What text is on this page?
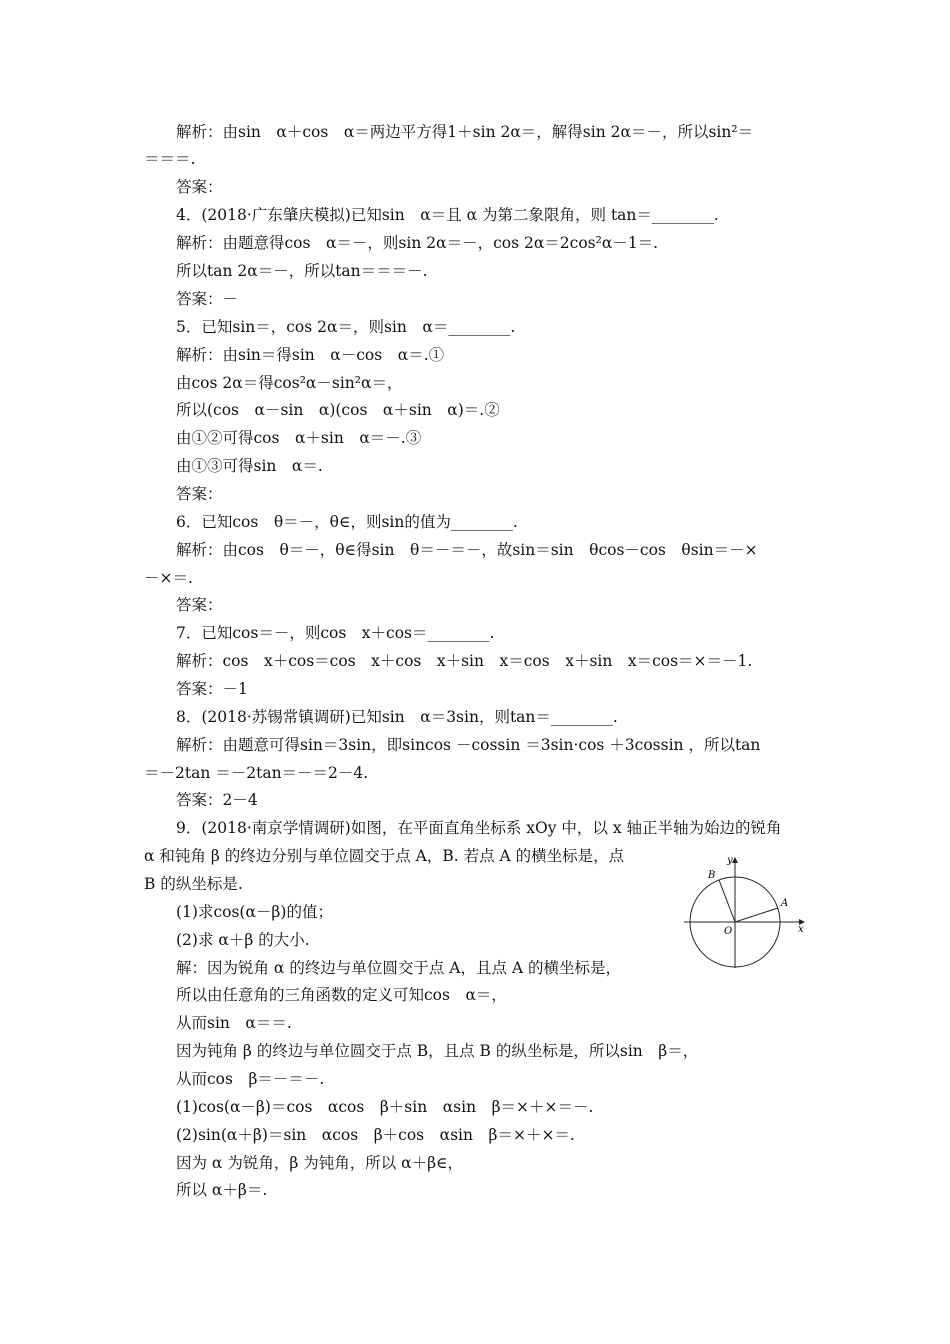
解析：由sin　α＋cos　α＝两边平方得1＋sin 2α＝，解得sin 2α＝－，所以sin²＝
＝＝＝.
答案：
4．(2018·广东肇庆模拟)已知sin　α＝且 α 为第二象限角，则 tan＝________.
解析：由题意得cos　α＝－，则sin 2α＝－，cos 2α＝2cos²α－1＝.
所以tan 2α＝－，所以tan＝＝＝－.
答案：－
5．已知sin＝，cos 2α＝，则sin　α＝________.
解析：由sin＝得sin　α－cos　α＝.①
由cos 2α＝得cos²α－sin²α＝，
所以(cos　α－sin　α)(cos　α＋sin　α)＝.②
由①②可得cos　α＋sin　α＝－.③
由①③可得sin　α＝.
答案：
6．已知cos　θ＝－，θ∈，则sin的值为________.
解析：由cos　θ＝－，θ∈得sin　θ＝－＝－，故sin＝sin　θcos－cos　θsin＝－×
－×＝.
答案：
7．已知cos＝－，则cos　x＋cos＝________.
解析：cos　x＋cos＝cos　x＋cos　x＋sin　x＝cos　x＋sin　x＝cos＝×＝－1.
答案：－1
8．(2018·苏锡常镇调研)已知sin　α＝3sin，则tan＝________.
解析：由题意可得sin＝3sin，即sincos －cossin ＝3sin·cos ＋3cossin ，所以tan
＝－2tan ＝－2tan＝－＝2－4.
答案：2－4
9．(2018·南京学情调研)如图，在平面直角坐标系 xOy 中，以 x 轴正半轴为始边的锐角
α 和钝角 β 的终边分别与单位圆交于点 A，B. 若点 A 的横坐标是，点
B 的纵坐标是.
(1)求cos(α－β)的值；
(2)求 α＋β 的大小.
解：因为锐角 α 的终边与单位圆交于点 A，且点 A 的横坐标是，
所以由任意角的三角函数的定义可知cos　α＝，
从而sin　α＝＝.
因为钝角 β 的终边与单位圆交于点 B，且点 B 的纵坐标是，所以sin　β＝，
从而cos　β＝－＝－.
(1)cos(α－β)＝cos　αcos　β＋sin　αsin　β＝×＋×＝－.
(2)sin(α＋β)＝sin　αcos　β＋cos　αsin　β＝×＋×＝.
因为 α 为锐角，β 为钝角，所以 α＋β∈，
所以 α＋β＝.
y
x
O
A
B
